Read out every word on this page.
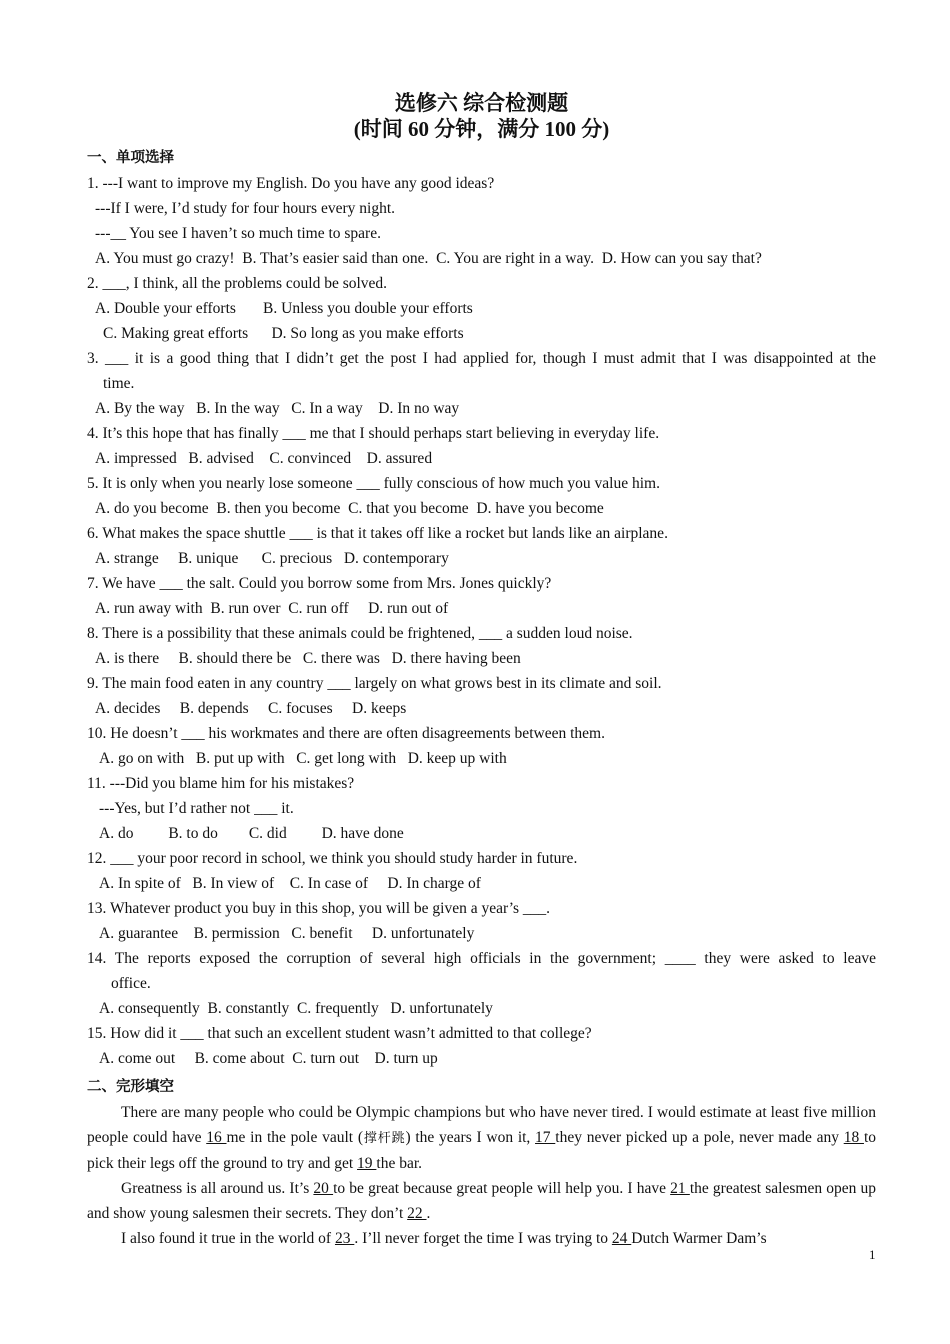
选修六 综合检测题
(时间 60 分钟，满分 100 分)
一、单项选择
1. ---I want to improve my English. Do you have any good ideas?
---If I were, I’d study for four hours every night.
---__ You see I haven’t so much time to spare.
A. You must go crazy!  B. That’s easier said than one.  C. You are right in a way.  D. How can you say that?
2. ___, I think, all the problems could be solved.
A. Double your efforts       B. Unless you double your efforts
C. Making great efforts      D. So long as you make efforts
3. ___ it is a good thing that I didn’t get the post I had applied for, though I must admit that I was disappointed at the
time.
A. By the way   B. In the way   C. In a way    D. In no way
4. It’s this hope that has finally ___ me that I should perhaps start believing in everyday life.
A. impressed   B. advised    C. convinced    D. assured
5. It is only when you nearly lose someone ___ fully conscious of how much you value him.
A. do you become  B. then you become  C. that you become  D. have you become
6. What makes the space shuttle ___ is that it takes off like a rocket but lands like an airplane.
A. strange     B. unique      C. precious   D. contemporary
7. We have ___ the salt. Could you borrow some from Mrs. Jones quickly?
A. run away with  B. run over  C. run off     D. run out of
8. There is a possibility that these animals could be frightened, ___ a sudden loud noise.
A. is there     B. should there be   C. there was   D. there having been
9. The main food eaten in any country ___ largely on what grows best in its climate and soil.
A. decides     B. depends     C. focuses     D. keeps
10. He doesn’t ___ his workmates and there are often disagreements between them.
A. go on with   B. put up with   C. get long with   D. keep up with
11. ---Did you blame him for his mistakes?
---Yes, but I’d rather not ___ it.
A. do         B. to do        C. did         D. have done
12. ___ your poor record in school, we think you should study harder in future.
A. In spite of   B. In view of    C. In case of     D. In charge of
13. Whatever product you buy in this shop, you will be given a year’s ___.
A. guarantee    B. permission   C. benefit     D. unfortunately
14. The reports exposed the corruption of several high officials in the government; ____ they were asked to leave
office.
A. consequently  B. constantly  C. frequently   D. unfortunately
15. How did it ___ that such an excellent student wasn’t admitted to that college?
A. come out     B. come about  C. turn out    D. turn up
二、完形填空

There are many people who could be Olympic champions but who have never tired. I would estimate at least five million people could have 16 me in the pole vault (撑杆跳) the years I won it, 17 they never picked up a pole, never made any 18 to pick their legs off the ground to try and get 19 the bar.

Greatness is all around us. It’s 20 to be great because great people will help you. I have 21 the greatest salesmen open up and show young salesmen their secrets. They don’t 22 .

I also found it true in the world of 23 . I’ll never forget the time I was trying to 24 Dutch Warmer Dam’s

1
